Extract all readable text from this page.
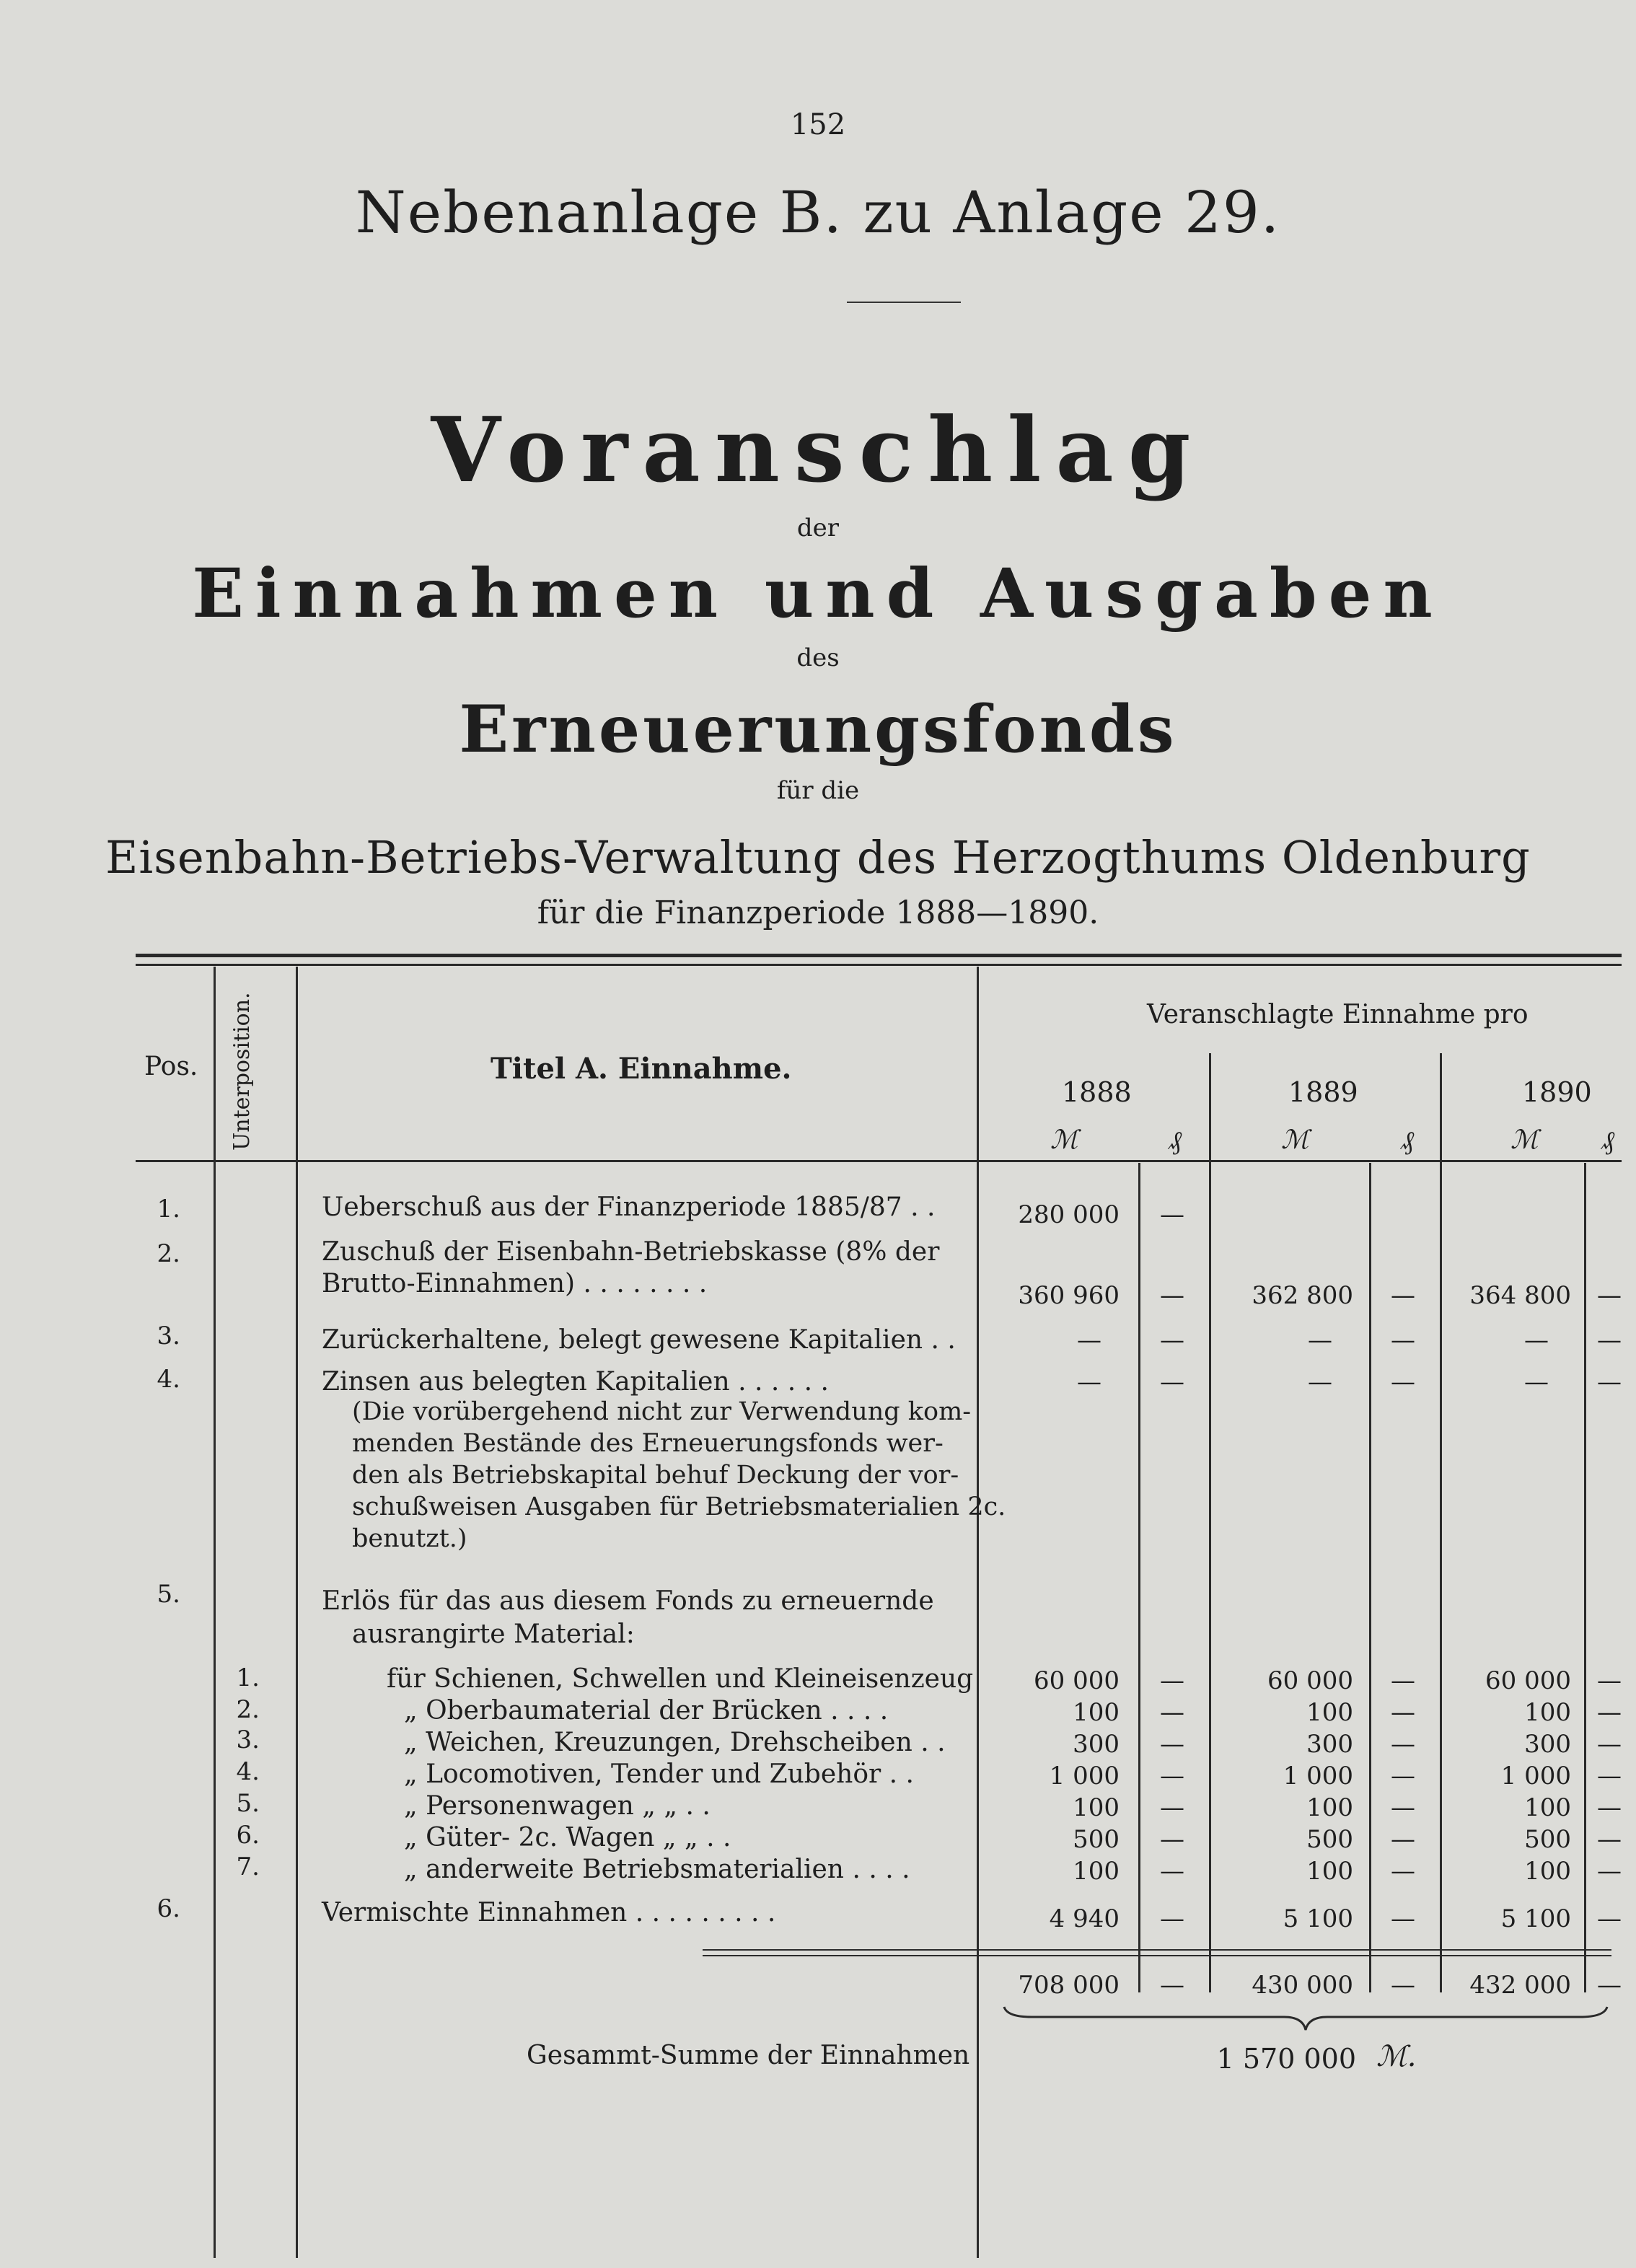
152
Nebenanlage B. zu Anlage 29.
Voranschlag
der
Einnahmen und Ausgaben
des
Erneuerungsfonds
für die
Eisenbahn-Betriebs-Verwaltung des Herzogthums Oldenburg
für die Finanzperiode 1888—1890.
Pos. Unterposition.	Titel A. Einnahme.
Veranschlagte Einnahme pro
1888	1889	1890
ℳ	₰	ℳ	₰	ℳ ₰
1.	Ueberschuß aus der Finanzperiode 1885/87 . .	280 000	—
2.	Zuschuß der Eisenbahn-Betriebskasse (8% der
Brutto-Einnahmen) . . . . . . . .	360 960	—	362 800	—	364 800 —
3.	Zurückerhaltene, belegt gewesene Kapitalien . .	—	—	—	—	—	—
4.	Zinsen aus belegten Kapitalien . . . . . .	—	—	—	—	—	—
(Die vorübergehend nicht zur Verwendung kom-
menden Bestände des Erneuerungsfonds wer-
den als Betriebskapital behuf Deckung der vor-
schußweisen Ausgaben für Betriebsmaterialien 2c.
benutzt.)
5.	Erlös für das aus diesem Fonds zu erneuernde
ausrangirte Material:
1.	für Schienen, Schwellen und Kleineisenzeug	60 000	—	60 000	—	60 000 —
2.	„ Oberbaumaterial der Brücken . . . .	100	—	100	—	100 —
3.	„ Weichen, Kreuzungen, Drehscheiben . .	300	—	300	—	300 —
4.	„ Locomotiven, Tender und Zubehör . .	1 000	—	1 000	—	1 000 —
5.	„ Personenwagen „ „ . .	100	—	100	—	100 —
6.	„ Güter- 2c. Wagen „ „ . .	500	—	500	—	500 —
7.	„ anderweite Betriebsmaterialien . . . .	100	—	100	—	100 —
6.	Vermischte Einnahmen . . . . . . . . .	4 940	—	5 100	—	5 100 —
708 000	—	430 000	—	432 000 —
Gesammt-Summe der Einnahmen	1 570 000 ℳ.
